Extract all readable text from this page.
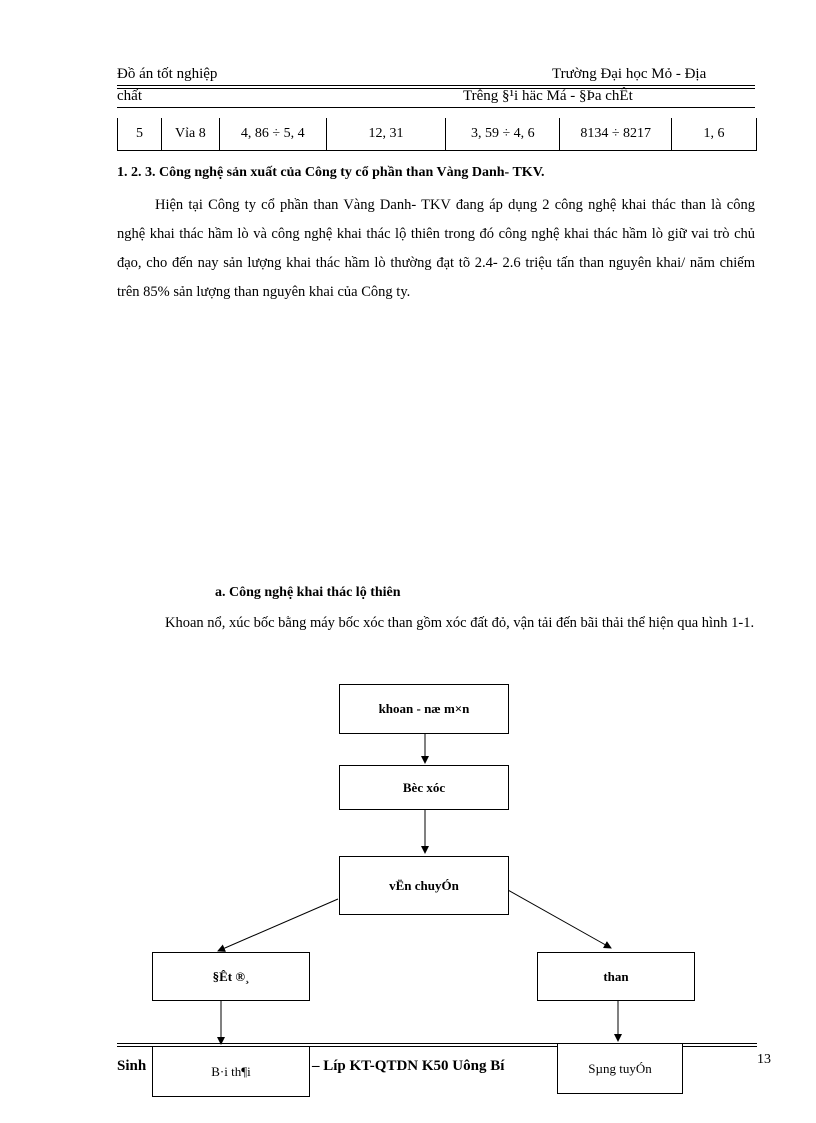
Đồ án tốt nghiệp	Trường Đại học Mỏ - Địa
chất	Trêng §¹i häc Má - §Þa chÊt
5	Vỉa 8	4, 86 ÷ 5, 4	12, 31	3, 59 ÷ 4, 6	8134 ÷ 8217	1, 6
1. 2. 3. Công nghệ sản xuất của Công ty cổ phần than Vàng Danh- TKV.
Hiện tại Công ty cổ phần than Vàng Danh- TKV đang áp dụng 2 công nghệ khai thác than là công nghệ khai thác hầm lò và công nghệ khai thác lộ thiên trong đó công nghệ khai thác hầm lò giữ vai trò chủ đạo, cho đến nay sản lượng khai thác hầm lò thường đạt tõ 2.4- 2.6 triệu tấn than nguyên khai/ năm chiếm trên 85% sản lượng than nguyên khai của Công ty.
a. Công nghệ khai thác lộ thiên
Khoan nổ, xúc bốc bằng máy bốc xóc than gồm xóc đất đỏ, vận tải đến bãi thải thể hiện qua hình 1-1.
Sinh	– Líp KT-QTDN K50 Uông Bí	13
khoan - næ m×n
Bèc xóc
vËn chuyÓn
§Êt ®¸	than
B·i th¶i	Sµng tuyÓn
